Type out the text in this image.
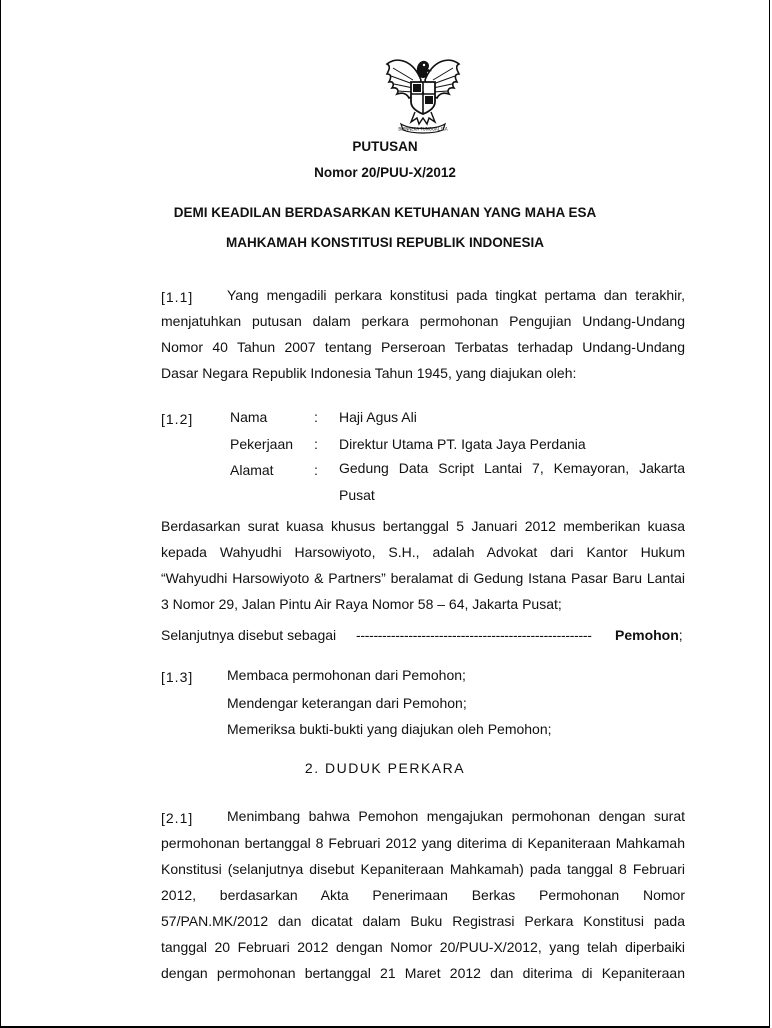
BHINNEKA TUNGGAL IKA
PUTUSAN
Nomor 20/PUU-X/2012
DEMI KEADILAN BERDASARKAN KETUHANAN YANG MAHA ESA
MAHKAMAH KONSTITUSI REPUBLIK INDONESIA
[1.1] Yang mengadili perkara konstitusi pada tingkat pertama dan terakhir,
menjatuhkan putusan dalam perkara permohonan Pengujian Undang-Undang
Nomor 40 Tahun 2007 tentang Perseroan Terbatas terhadap Undang-Undang
Dasar Negara Republik Indonesia Tahun 1945, yang diajukan oleh:
[1.2]	Nama	: Haji Agus Ali
Pekerjaan : Direktur Utama PT. Igata Jaya Perdania
Alamat	: Gedung Data Script Lantai 7, Kemayoran, Jakarta
Pusat
Berdasarkan surat kuasa khusus bertanggal 5 Januari 2012 memberikan kuasa
kepada Wahyudhi Harsowiyoto, S.H., adalah Advokat dari Kantor Hukum
“Wahyudhi Harsowiyoto & Partners” beralamat di Gedung Istana Pasar Baru Lantai
3 Nomor 29, Jalan Pintu Air Raya Nomor 58 – 64, Jakarta Pusat;
Selanjutnya disebut sebagai ------------------------------------------------------ Pemohon;
[1.3] Membaca permohonan dari Pemohon;
Mendengar keterangan dari Pemohon;
Memeriksa bukti-bukti yang diajukan oleh Pemohon;
2. DUDUK PERKARA
[2.1] Menimbang bahwa Pemohon mengajukan permohonan dengan surat
permohonan bertanggal 8 Februari 2012 yang diterima di Kepaniteraan Mahkamah
Konstitusi (selanjutnya disebut Kepaniteraan Mahkamah) pada tanggal 8 Februari
2012, berdasarkan Akta Penerimaan Berkas Permohonan Nomor
57/PAN.MK/2012 dan dicatat dalam Buku Registrasi Perkara Konstitusi pada
tanggal 20 Februari 2012 dengan Nomor 20/PUU-X/2012, yang telah diperbaiki
dengan permohonan bertanggal 21 Maret 2012 dan diterima di Kepaniteraan
